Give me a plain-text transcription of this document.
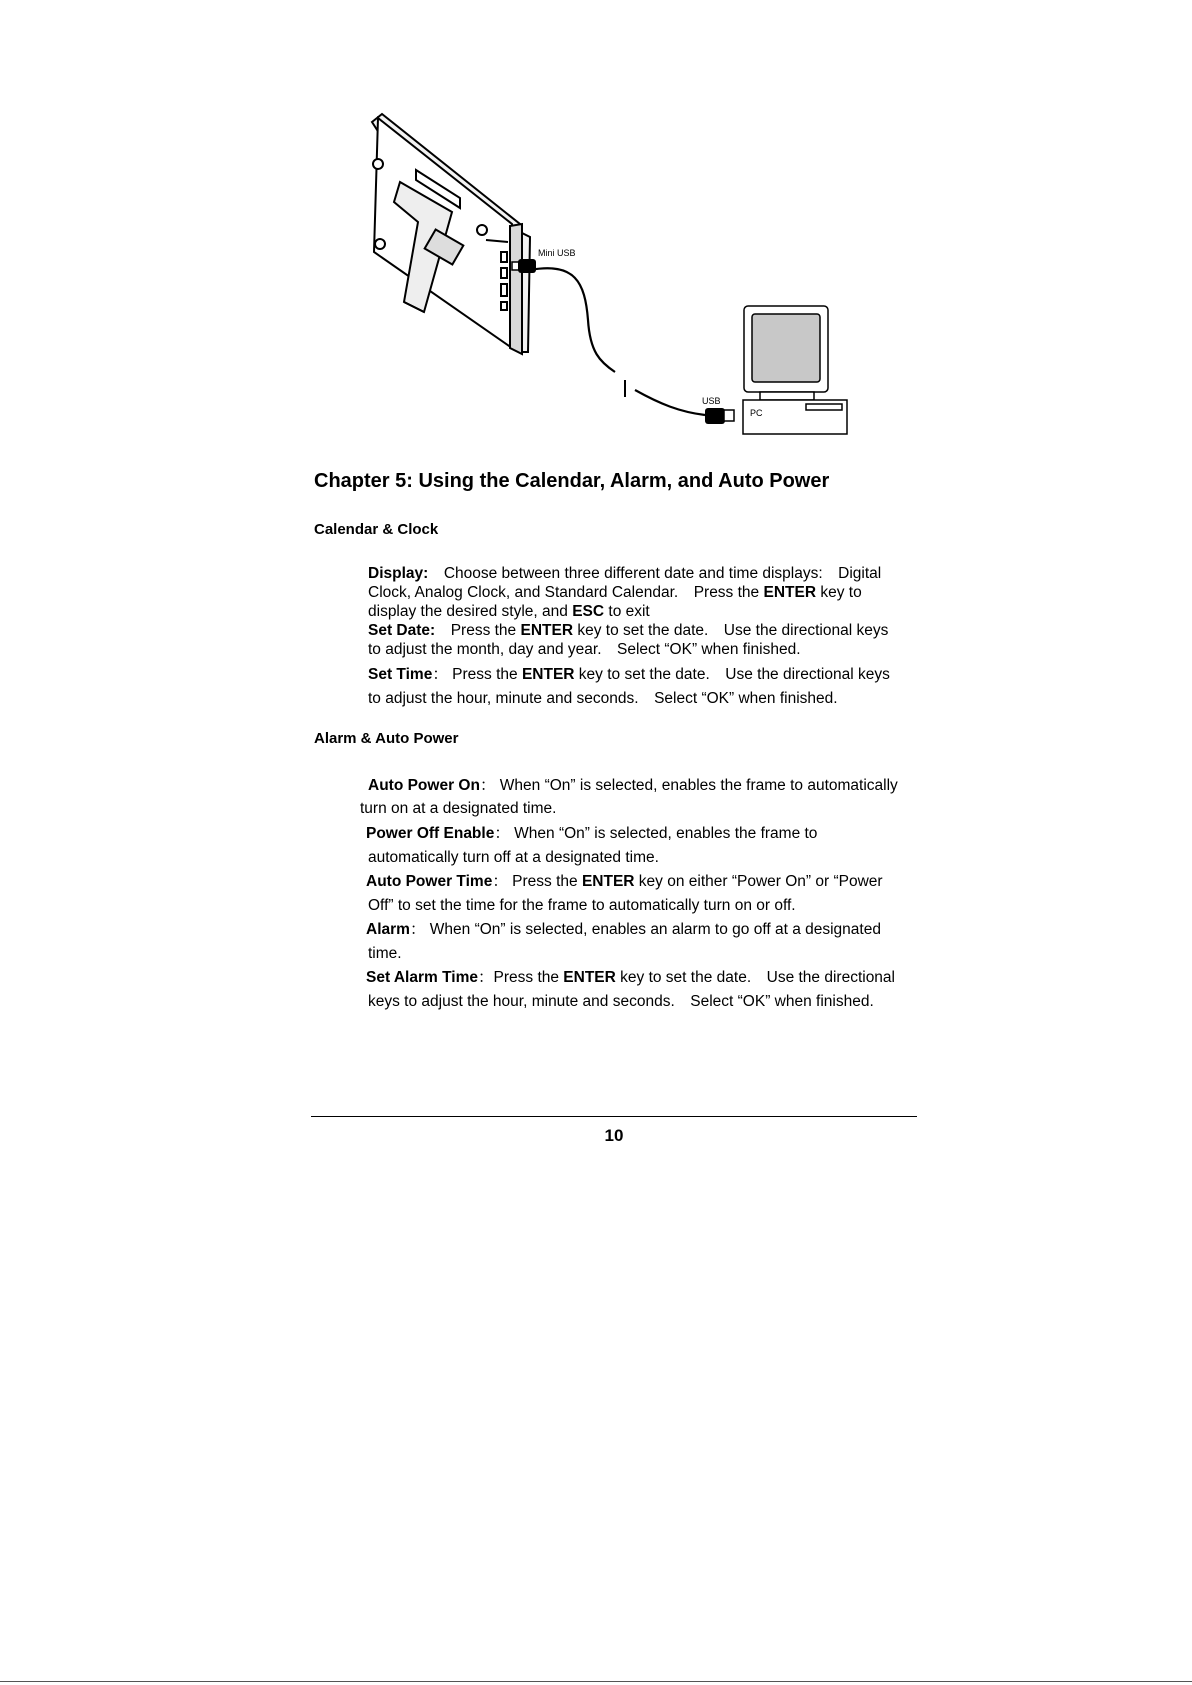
Mini USB
USB
PC
Chapter 5: Using the Calendar, Alarm, and Auto Power
Calendar & Clock
Display:　 Choose between three different date and time displays:　Digital
Clock, Analog Clock, and Standard Calendar.　Press the ENTER key to
display the desired style, and ESC to exit
Set Date:　 Press the ENTER key to set the date.　Use the directional keys
to adjust the month, day and year.　Select “OK” when finished.
Set Time： Press the ENTER key to set the date.　Use the directional keys
to adjust the hour, minute and seconds.　Select “OK” when finished.
Alarm & Auto Power
Auto Power On： When “On” is selected, enables the frame to automatically
turn on at a designated time.
Power Off Enable： When “On” is selected, enables the frame to
automatically turn off at a designated time.
Auto Power Time： Press the ENTER key on either “Power On” or “Power
Off” to set the time for the frame to automatically turn on or off.
Alarm： When “On” is selected, enables an alarm to go off at a designated
time.
Set Alarm Time：Press the ENTER key to set the date.　Use the directional
keys to adjust the hour, minute and seconds.　Select “OK” when finished.
10
